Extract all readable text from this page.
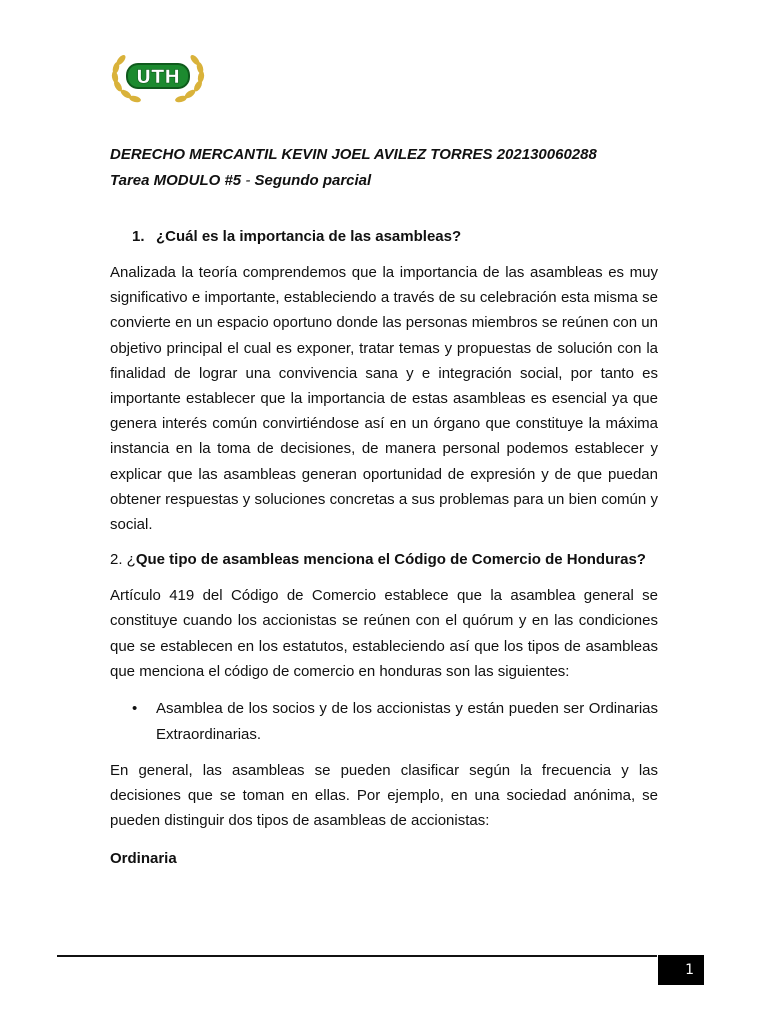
UTH

DERECHO MERCANTIL KEVIN JOEL AVILEZ TORRES 202130060288

Tarea MODULO #5 - Segundo parcial

1. ¿Cuál es la importancia de las asambleas?

Analizada la teoría comprendemos que la importancia de las asambleas es muy significativo e importante, estableciendo a través de su celebración esta misma se convierte en un espacio oportuno donde las personas miembros se reúnen con un objetivo principal el cual es exponer, tratar temas y propuestas de solución con la finalidad de lograr una convivencia sana y e integración social, por tanto es importante establecer que la importancia de estas asambleas es esencial ya que genera interés común convirtiéndose así en un órgano que constituye la máxima instancia en la toma de decisiones, de manera personal podemos establecer y explicar que las asambleas generan oportunidad de expresión y de que puedan obtener respuestas y soluciones concretas a sus problemas para un bien común y social.

2. ¿Que tipo de asambleas menciona el Código de Comercio de Honduras?

Artículo 419 del Código de Comercio establece que la asamblea general se constituye cuando los accionistas se reúnen con el quórum y en las condiciones que se establecen en los estatutos, estableciendo así que los tipos de asambleas que menciona el código de comercio en honduras son las siguientes:

• Asamblea de los socios y de los accionistas y están pueden ser Ordinarias Extraordinarias.

En general, las asambleas se pueden clasificar según la frecuencia y las decisiones que se toman en ellas. Por ejemplo, en una sociedad anónima, se pueden distinguir dos tipos de asambleas de accionistas:

Ordinaria

1
